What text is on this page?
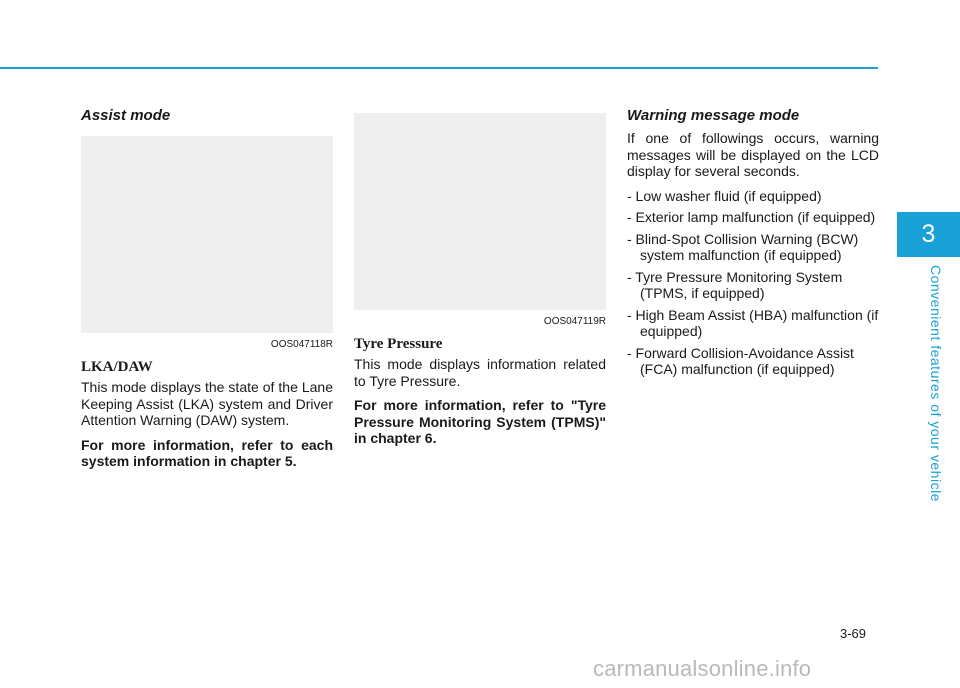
3
Convenient features of your vehicle
Assist mode
OOS047118R
LKA/DAW

This mode displays the state of the Lane Keeping Assist (LKA) system and Driver Attention Warning (DAW) system.

For more information, refer to each system information in chapter 5.

OOS047119R
Tyre Pressure

This mode displays information related to Tyre Pressure.

For more information, refer to "Tyre Pressure Monitoring System (TPMS)" in chapter 6.

Warning message mode

If one of followings occurs, warning messages will be displayed on the LCD display for several seconds.

- Low washer fluid (if equipped)
- Exterior lamp malfunction (if equipped)
- Blind-Spot Collision Warning (BCW) system malfunction (if equipped)
- Tyre Pressure Monitoring System (TPMS, if equipped)
- High Beam Assist (HBA) malfunction (if equipped)
- Forward Collision-Avoidance Assist (FCA) malfunction (if equipped)
3-69
carmanualsonline.info
